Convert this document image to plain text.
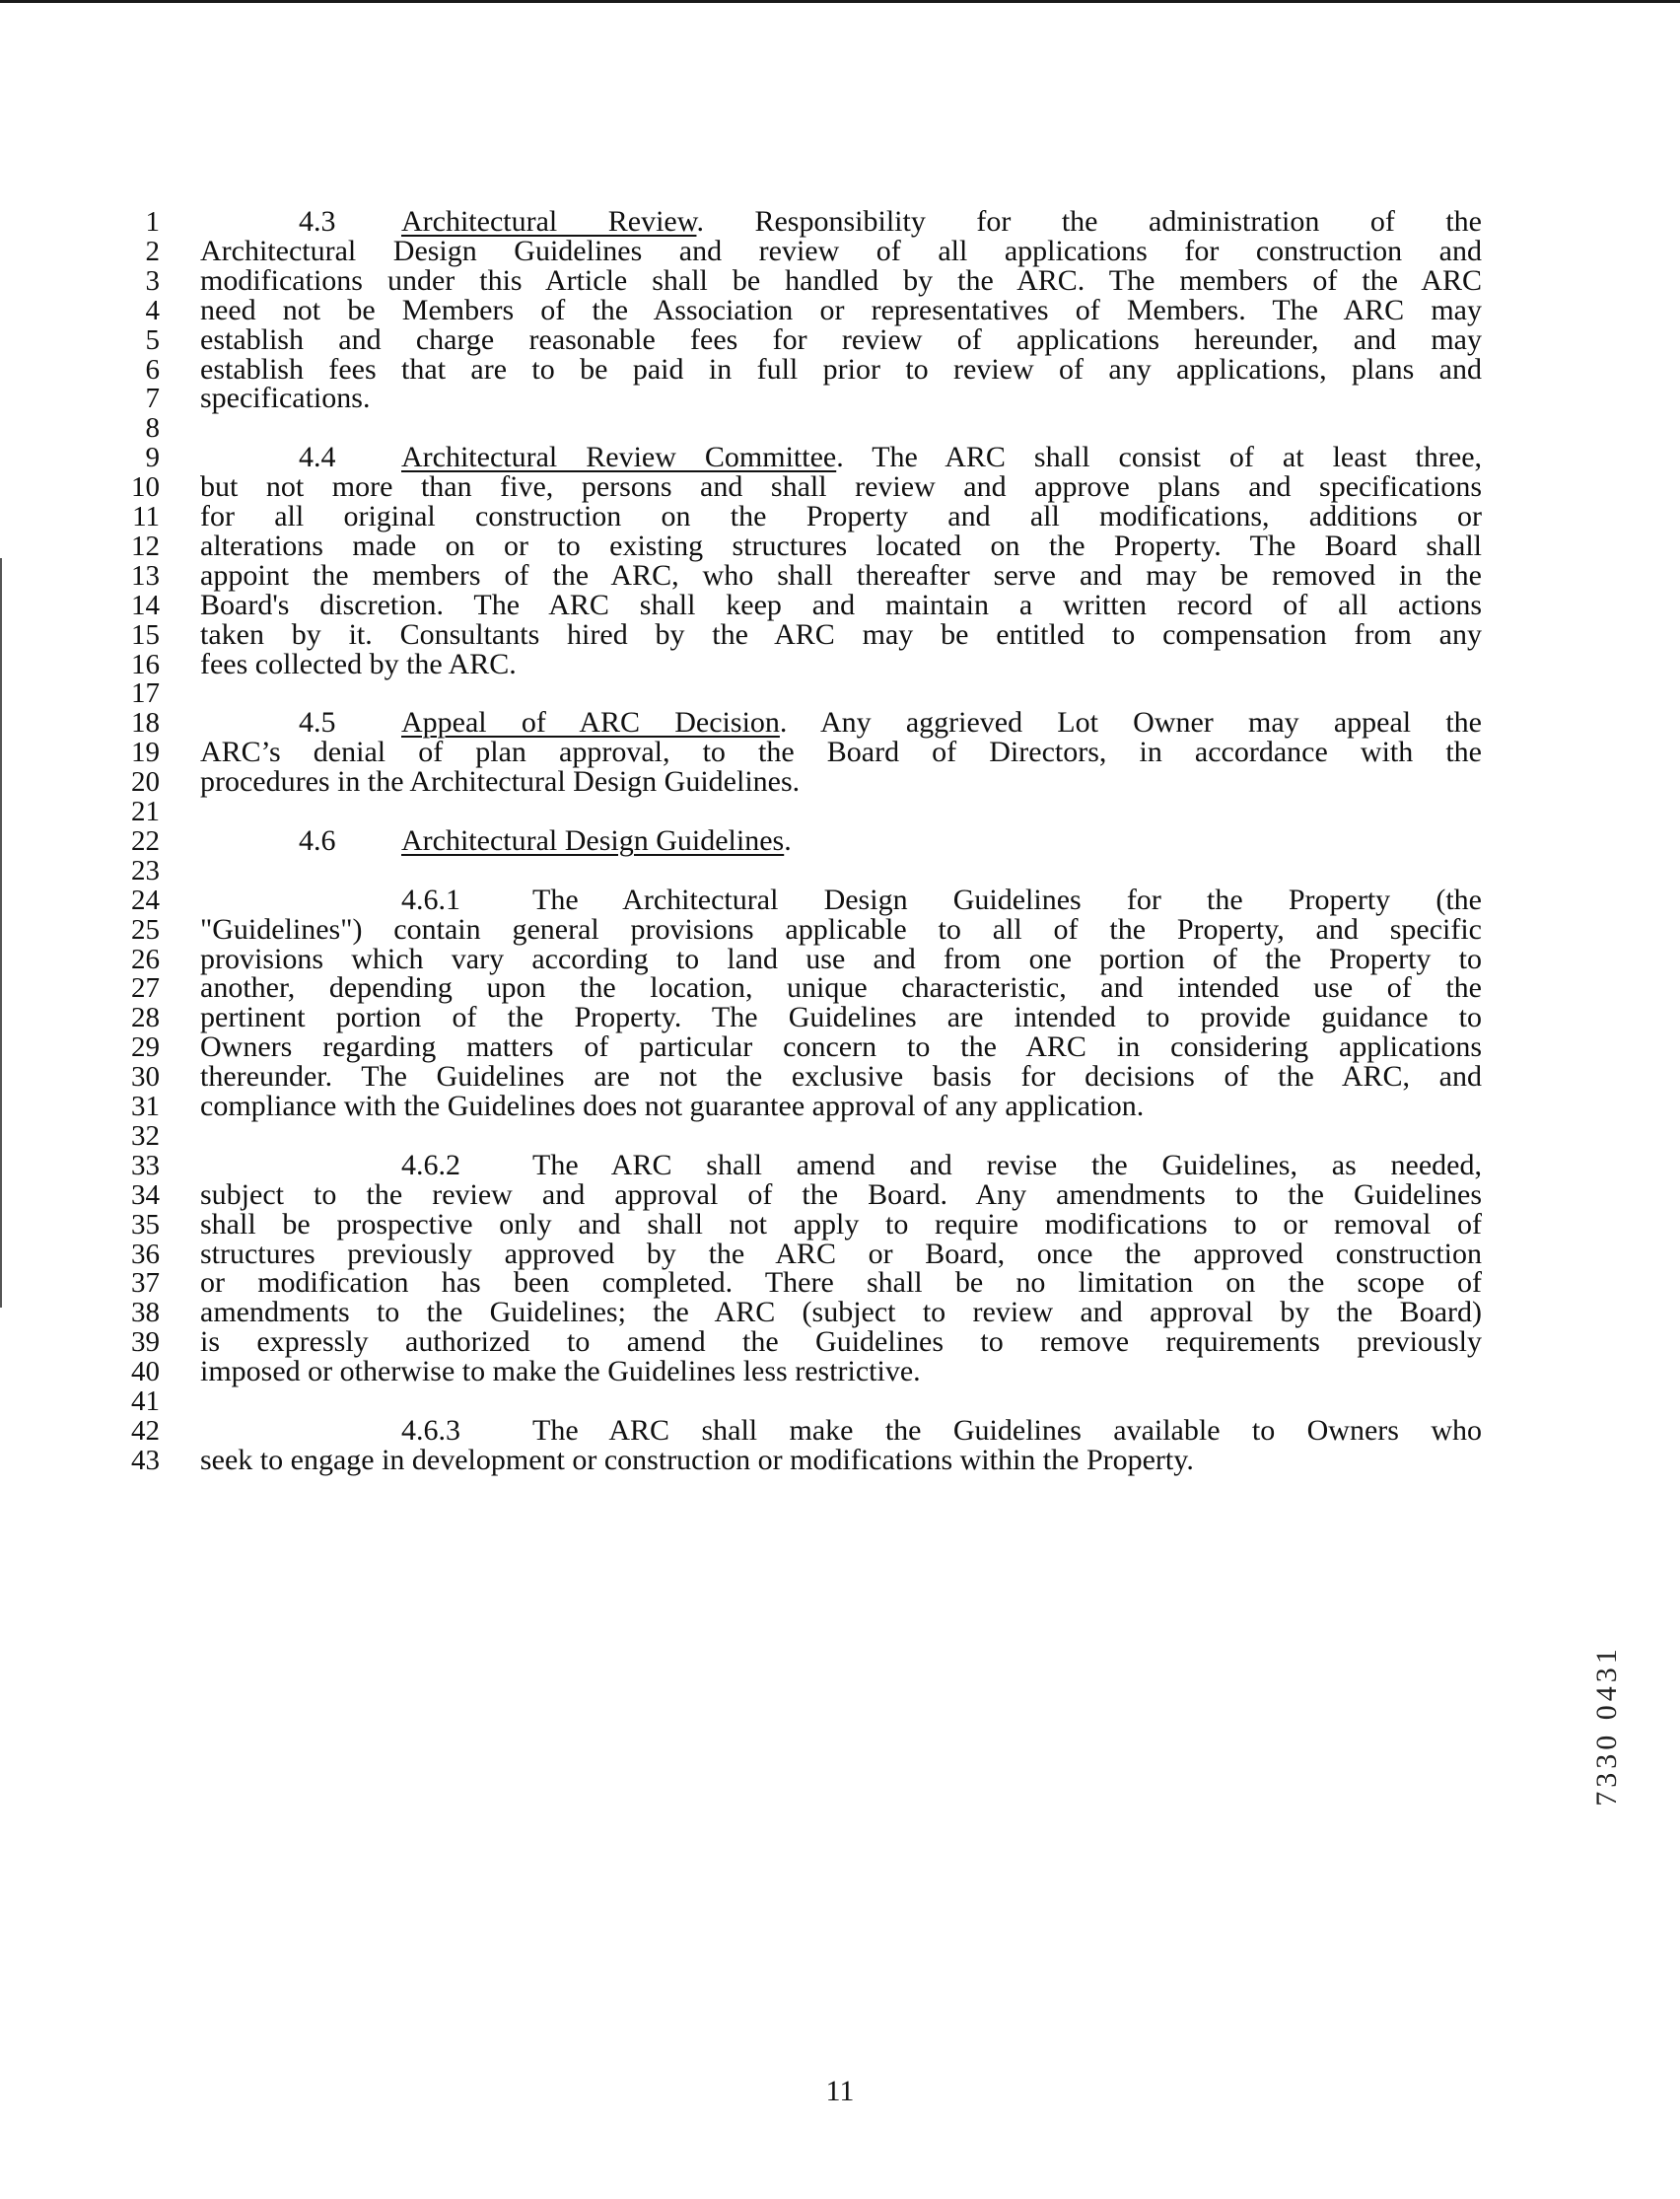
1	4.3 Architectural Review. Responsibility for the administration of the
2 Architectural Design Guidelines and review of all applications for construction and
3 modifications under this Article shall be handled by the ARC. The members of the ARC
4 need not be Members of the Association or representatives of Members. The ARC may
5 establish and charge reasonable fees for review of applications hereunder, and may
6 establish fees that are to be paid in full prior to review of any applications, plans and
7 specifications.
8
9	4.4 Architectural Review Committee. The ARC shall consist of at least three,
10 but not more than five, persons and shall review and approve plans and specifications
11 for all original construction on the Property and all modifications, additions or
12 alterations made on or to existing structures located on the Property. The Board shall
13 appoint the members of the ARC, who shall thereafter serve and may be removed in the
14 Board's discretion. The ARC shall keep and maintain a written record of all actions
15 taken by it. Consultants hired by the ARC may be entitled to compensation from any
16 fees collected by the ARC.
17
18	4.5 Appeal of ARC Decision. Any aggrieved Lot Owner may appeal the
19 ARC’s denial of plan approval, to the Board of Directors, in accordance with the
20 procedures in the Architectural Design Guidelines.
21
22	4.6 Architectural Design Guidelines.
23
24	4.6.1 The Architectural Design Guidelines for the Property (the
25 "Guidelines") contain general provisions applicable to all of the Property, and specific
26 provisions which vary according to land use and from one portion of the Property to
27 another, depending upon the location, unique characteristic, and intended use of the
28 pertinent portion of the Property. The Guidelines are intended to provide guidance to
29 Owners regarding matters of particular concern to the ARC in considering applications
30 thereunder. The Guidelines are not the exclusive basis for decisions of the ARC, and
31 compliance with the Guidelines does not guarantee approval of any application.
32
33	4.6.2 The ARC shall amend and revise the Guidelines, as needed,
34 subject to the review and approval of the Board. Any amendments to the Guidelines
35 shall be prospective only and shall not apply to require modifications to or removal of
36 structures previously approved by the ARC or Board, once the approved construction
37 or modification has been completed. There shall be no limitation on the scope of
38 amendments to the Guidelines; the ARC (subject to review and approval by the Board)
39 is expressly authorized to amend the Guidelines to remove requirements previously
40 imposed or otherwise to make the Guidelines less restrictive.
41
42	4.6.3 The ARC shall make the Guidelines available to Owners who
43 seek to engage in development or construction or modifications within the Property.
11
7330 0431
